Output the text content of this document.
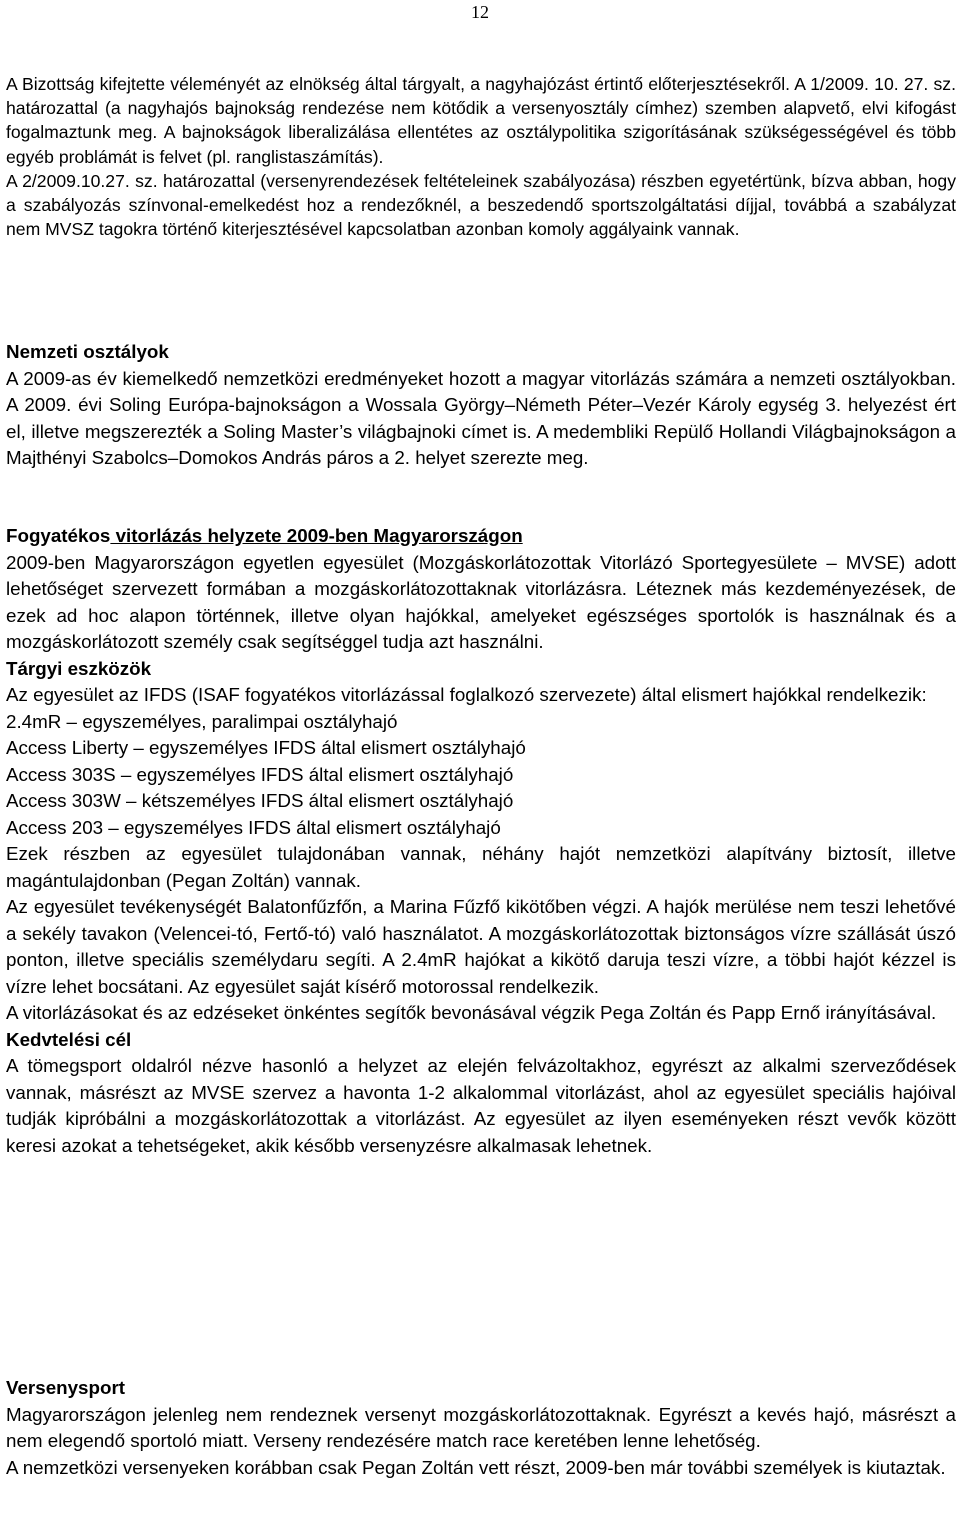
12

A Bizottság kifejtette véleményét az elnökség által tárgyalt, a nagyhajózást értintő előterjesztésekről. A 1/2009. 10. 27. sz. határozattal (a nagyhajós bajnokság rendezése nem kötődik a versenyosztály címhez) szemben alapvető, elvi kifogást fogalmaztunk meg. A bajnokságok liberalizálása ellentétes az osztálypolitika szigorításának szükségességével és több egyéb problámát is felvet (pl. ranglistaszámítás).

A 2/2009.10.27. sz. határozattal (versenyrendezések feltételeinek szabályozása) részben egyetértünk, bízva abban, hogy a szabályozás színvonal-emelkedést hoz a rendezőknél, a beszedendő sportszolgáltatási díjjal, továbbá a szabályzat nem MVSZ tagokra történő kiterjesztésével kapcsolatban azonban komoly aggályaink vannak.

Nemzeti osztályok

A 2009-as év kiemelkedő nemzetközi eredményeket hozott a magyar vitorlázás számára a nemzeti osztályokban. A 2009. évi Soling Európa-bajnokságon a Wossala György–Németh Péter–Vezér Károly egység 3. helyezést ért el, illetve megszerezték a Soling Master’s világbajnoki címet is. A medembliki Repülő Hollandi Világbajnokságon a Majthényi Szabolcs–Domokos András páros a 2. helyet szerezte meg.

Fogyatékos vitorlázás helyzete 2009-ben Magyarországon

2009-ben Magyarországon egyetlen egyesület (Mozgáskorlátozottak Vitorlázó Sportegyesülete – MVSE) adott lehetőséget szervezett formában a mozgáskorlátozottaknak vitorlázásra. Léteznek más kezdeményezések, de ezek ad hoc alapon történnek, illetve olyan hajókkal, amelyeket egészséges sportolók is használnak és a mozgáskorlátozott személy csak segítséggel tudja azt használni.

Tárgyi eszközök

Az egyesület az IFDS (ISAF fogyatékos vitorlázással foglalkozó szervezete) által elismert hajókkal rendelkezik:

2.4mR – egyszemélyes, paralimpai osztályhajó

Access Liberty – egyszemélyes IFDS által elismert osztályhajó

Access 303S – egyszemélyes IFDS által elismert osztályhajó

Access 303W – kétszemélyes IFDS által elismert osztályhajó

Access 203 – egyszemélyes IFDS által elismert osztályhajó

Ezek részben az egyesület tulajdonában vannak, néhány hajót nemzetközi alapítvány biztosít, illetve magántulajdonban (Pegan Zoltán) vannak.

Az egyesület tevékenységét Balatonfűzfőn, a Marina Fűzfő kikötőben végzi. A hajók merülése nem teszi lehetővé a sekély tavakon (Velencei-tó, Fertő-tó) való használatot. A mozgáskorlátozottak biztonságos vízre szállását úszó ponton, illetve speciális személydaru segíti. A 2.4mR hajókat a kikötő daruja teszi vízre, a többi hajót kézzel is vízre lehet bocsátani. Az egyesület saját kísérő motorossal rendelkezik.

A vitorlázásokat és az edzéseket önkéntes segítők bevonásával végzik Pega Zoltán és Papp Ernő irányításával.

Kedvtelési cél

A tömegsport oldalról nézve hasonló a helyzet az elején felvázoltakhoz, egyrészt az alkalmi szerveződések vannak, másrészt az MVSE szervez a havonta 1-2 alkalommal vitorlázást, ahol az egyesület speciális hajóival tudják kipróbálni a mozgáskorlátozottak a vitorlázást. Az egyesület az ilyen eseményeken részt vevők között keresi azokat a tehetségeket, akik később versenyzésre alkalmasak lehetnek.

Versenysport

Magyarországon jelenleg nem rendeznek versenyt mozgáskorlátozottaknak. Egyrészt a kevés hajó, másrészt a nem elegendő sportoló miatt. Verseny rendezésére match race keretében lenne lehetőség.

A nemzetközi versenyeken korábban csak Pegan Zoltán vett részt, 2009-ben már további személyek is kiutaztak.
